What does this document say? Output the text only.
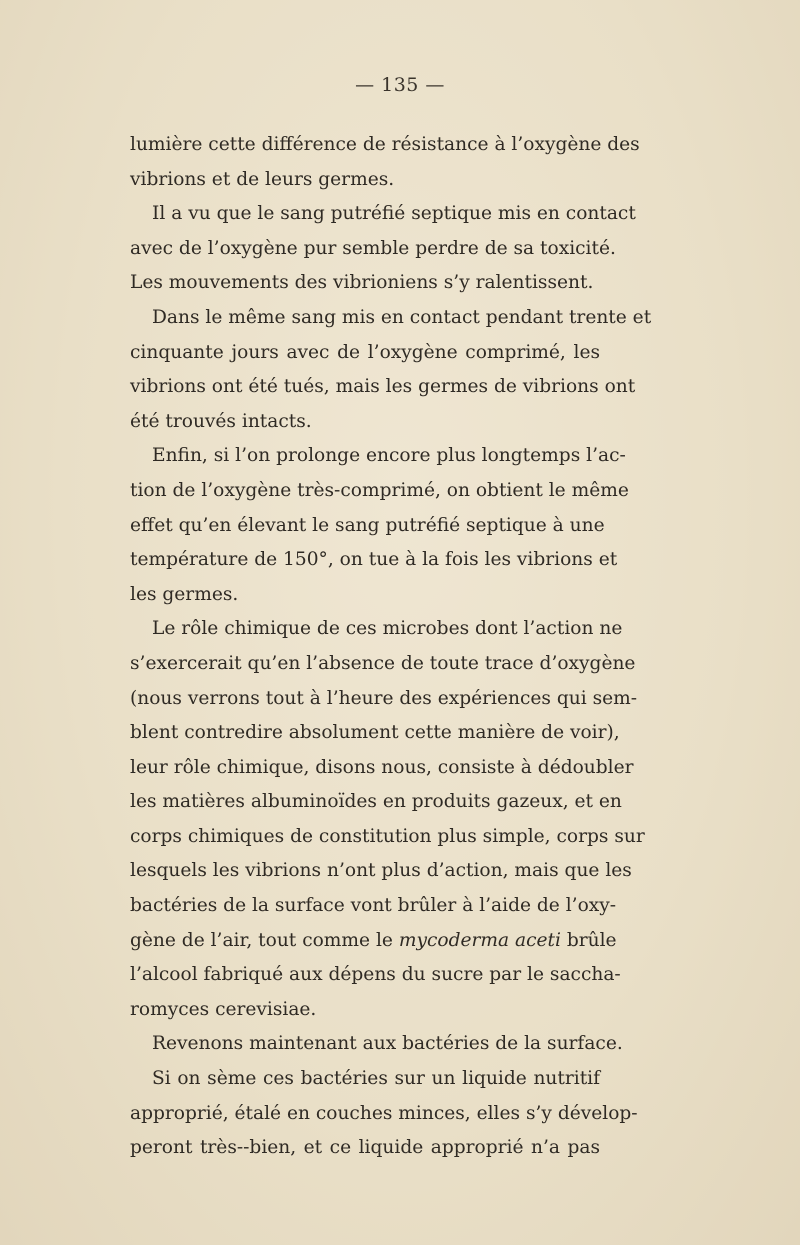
— 135 —
lumière cette différence de résistance à l’oxygène des
vibrions et de leurs germes.
Il a vu que le sang putréfié septique mis en contact
avec de l’oxygène pur semble perdre de sa toxicité.
Les mouvements des vibrioniens s’y ralentissent.
Dans le même sang mis en contact pendant trente et
cinquante jours avec de l’oxygène comprimé, les
vibrions ont été tués, mais les germes de vibrions ont
été trouvés intacts.
Enfin, si l’on prolonge encore plus longtemps l’ac-
tion de l’oxygène très-comprimé, on obtient le même
effet qu’en élevant le sang putréfié septique à une
température de 150°, on tue à la fois les vibrions et
les germes.
Le rôle chimique de ces microbes dont l’action ne
s’exercerait qu’en l’absence de toute trace d’oxygène
(nous verrons tout à l’heure des expériences qui sem-
blent contredire absolument cette manière de voir),
leur rôle chimique, disons nous, consiste à dédoubler
les matières albuminoïdes en produits gazeux, et en
corps chimiques de constitution plus simple, corps sur
lesquels les vibrions n’ont plus d’action, mais que les
bactéries de la surface vont brûler à l’aide de l’oxy-
gène de l’air, tout comme le mycoderma aceti brûle
l’alcool fabriqué aux dépens du sucre par le saccha-
romyces cerevisiae.
Revenons maintenant aux bactéries de la surface.
Si on sème ces bactéries sur un liquide nutritif
approprié, étalé en couches minces, elles s’y dévelop-
peront très--bien, et ce liquide approprié n’a pas
